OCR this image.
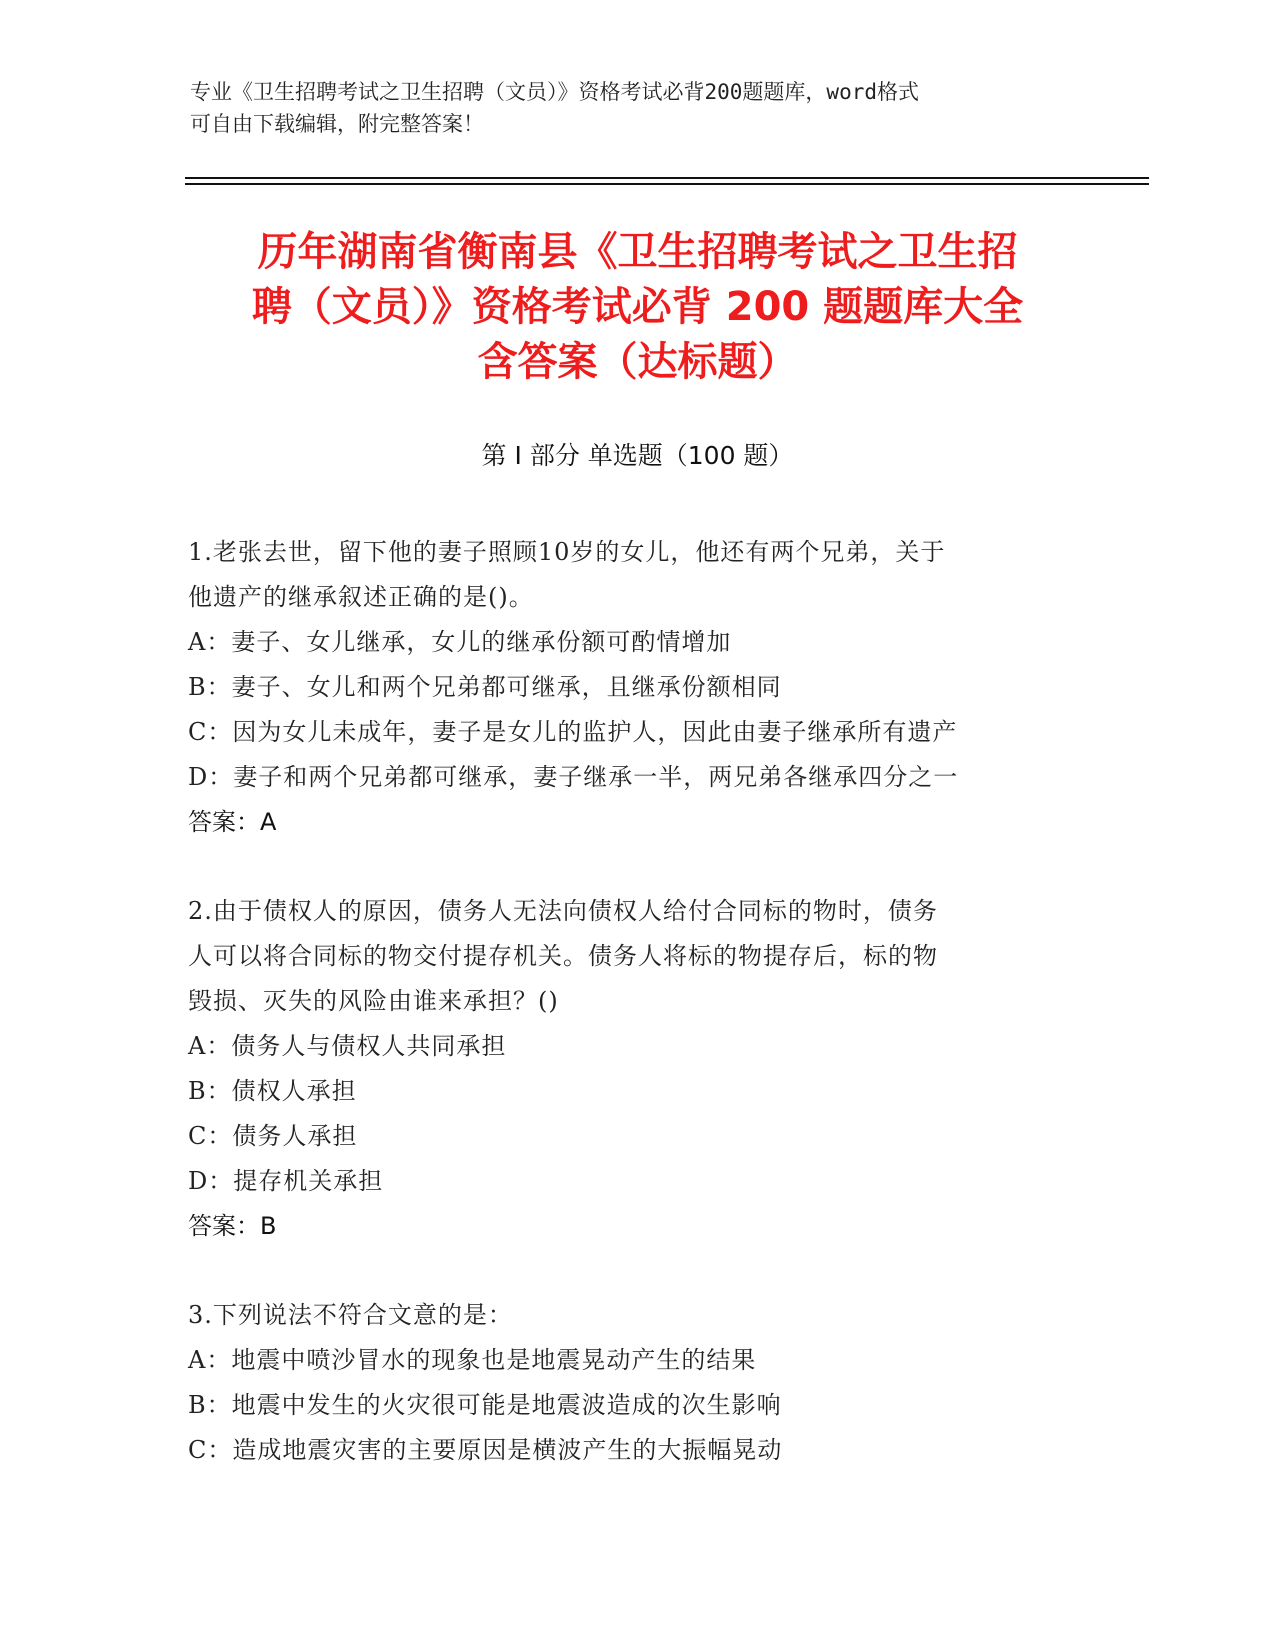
专业《卫生招聘考试之卫生招聘（文员）》资格考试必背200题题库，word格式
可自由下载编辑，附完整答案！
历年湖南省衡南县《卫生招聘考试之卫生招
聘（文员）》资格考试必背 200 题题库大全
含答案（达标题）
第 I 部分 单选题（100 题）
1.老张去世，留下他的妻子照顾10岁的女儿，他还有两个兄弟，关于
他遗产的继承叙述正确的是()。
A：妻子、女儿继承，女儿的继承份额可酌情增加
B：妻子、女儿和两个兄弟都可继承，且继承份额相同
C：因为女儿未成年，妻子是女儿的监护人，因此由妻子继承所有遗产
D：妻子和两个兄弟都可继承，妻子继承一半，两兄弟各继承四分之一
答案：A
2.由于债权人的原因，债务人无法向债权人给付合同标的物时，债务
人可以将合同标的物交付提存机关。债务人将标的物提存后，标的物
毁损、灭失的风险由谁来承担？()
A：债务人与债权人共同承担
B：债权人承担
C：债务人承担
D：提存机关承担
答案：B
3.下列说法不符合文意的是：
A：地震中喷沙冒水的现象也是地震晃动产生的结果
B：地震中发生的火灾很可能是地震波造成的次生影响
C：造成地震灾害的主要原因是横波产生的大振幅晃动
